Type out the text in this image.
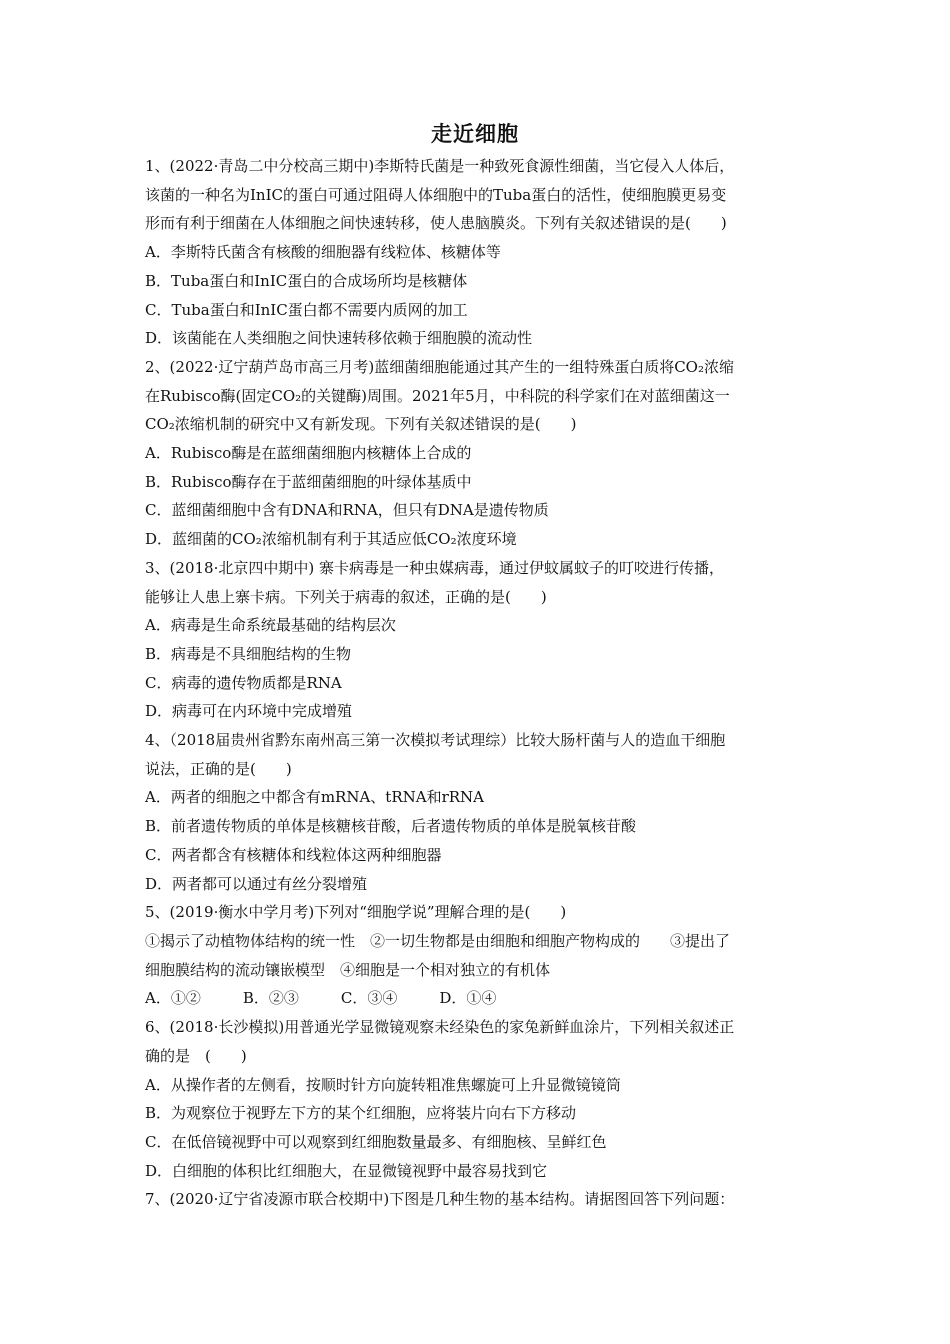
走近细胞
1、(2022·青岛二中分校高三期中)李斯特氏菌是一种致死食源性细菌，当它侵入人体后，
该菌的一种名为InIC的蛋白可通过阻碍人体细胞中的Tuba蛋白的活性，使细胞膜更易变
形而有利于细菌在人体细胞之间快速转移，使人患脑膜炎。下列有关叙述错误的是(　　)
A．李斯特氏菌含有核酸的细胞器有线粒体、核糖体等
B．Tuba蛋白和InIC蛋白的合成场所均是核糖体
C．Tuba蛋白和InIC蛋白都不需要内质网的加工
D．该菌能在人类细胞之间快速转移依赖于细胞膜的流动性
2、(2022·辽宁葫芦岛市高三月考)蓝细菌细胞能通过其产生的一组特殊蛋白质将CO₂浓缩
在Rubisco酶(固定CO₂的关键酶)周围。2021年5月，中科院的科学家们在对蓝细菌这一
CO₂浓缩机制的研究中又有新发现。下列有关叙述错误的是(　　)
A．Rubisco酶是在蓝细菌细胞内核糖体上合成的
B．Rubisco酶存在于蓝细菌细胞的叶绿体基质中
C．蓝细菌细胞中含有DNA和RNA，但只有DNA是遗传物质
D．蓝细菌的CO₂浓缩机制有利于其适应低CO₂浓度环境
3、(2018·北京四中期中) 寨卡病毒是一种虫媒病毒，通过伊蚊属蚊子的叮咬进行传播，
能够让人患上寨卡病。下列关于病毒的叙述，正确的是(　　)
A．病毒是生命系统最基础的结构层次
B．病毒是不具细胞结构的生物
C．病毒的遗传物质都是RNA
D．病毒可在内环境中完成增殖
4、（2018届贵州省黔东南州高三第一次模拟考试理综）比较大肠杆菌与人的造血干细胞
说法，正确的是(　　)
A．两者的细胞之中都含有mRNA、tRNA和rRNA
B．前者遗传物质的单体是核糖核苷酸，后者遗传物质的单体是脱氧核苷酸
C．两者都含有核糖体和线粒体这两种细胞器
D．两者都可以通过有丝分裂增殖
5、(2019·衡水中学月考)下列对“细胞学说”理解合理的是(　　)
①揭示了动植物体结构的统一性　②一切生物都是由细胞和细胞产物构成的　　③提出了
细胞膜结构的流动镶嵌模型　④细胞是一个相对独立的有机体
A．①②	B．②③	C．③④	D．①④
6、(2018·长沙模拟)用普通光学显微镜观察未经染色的家兔新鲜血涂片，下列相关叙述正
确的是　(　　)
A．从操作者的左侧看，按顺时针方向旋转粗准焦螺旋可上升显微镜镜筒
B．为观察位于视野左下方的某个红细胞，应将装片向右下方移动
C．在低倍镜视野中可以观察到红细胞数量最多、有细胞核、呈鲜红色
D．白细胞的体积比红细胞大，在显微镜视野中最容易找到它
7、(2020·辽宁省凌源市联合校期中)下图是几种生物的基本结构。请据图回答下列问题：
